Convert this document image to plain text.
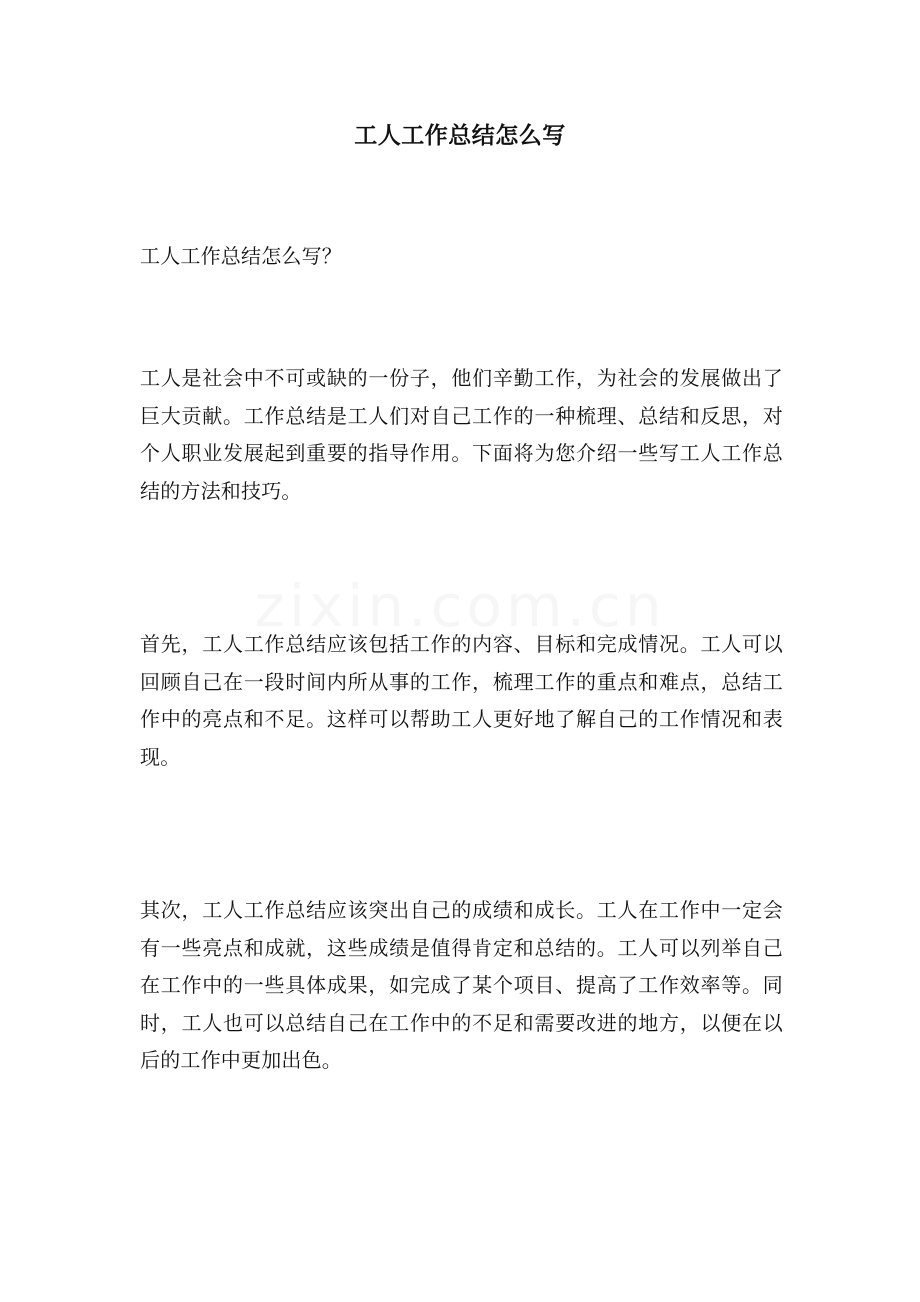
工人工作总结怎么写

工人工作总结怎么写？

工人是社会中不可或缺的一份子，他们辛勤工作，为社会的发展做出了巨大贡献。工作总结是工人们对自己工作的一种梳理、总结和反思，对个人职业发展起到重要的指导作用。下面将为您介绍一些写工人工作总结的方法和技巧。

首先，工人工作总结应该包括工作的内容、目标和完成情况。工人可以回顾自己在一段时间内所从事的工作，梳理工作的重点和难点，总结工作中的亮点和不足。这样可以帮助工人更好地了解自己的工作情况和表现。

其次，工人工作总结应该突出自己的成绩和成长。工人在工作中一定会有一些亮点和成就，这些成绩是值得肯定和总结的。工人可以列举自己在工作中的一些具体成果，如完成了某个项目、提高了工作效率等。同时，工人也可以总结自己在工作中的不足和需要改进的地方，以便在以后的工作中更加出色。
